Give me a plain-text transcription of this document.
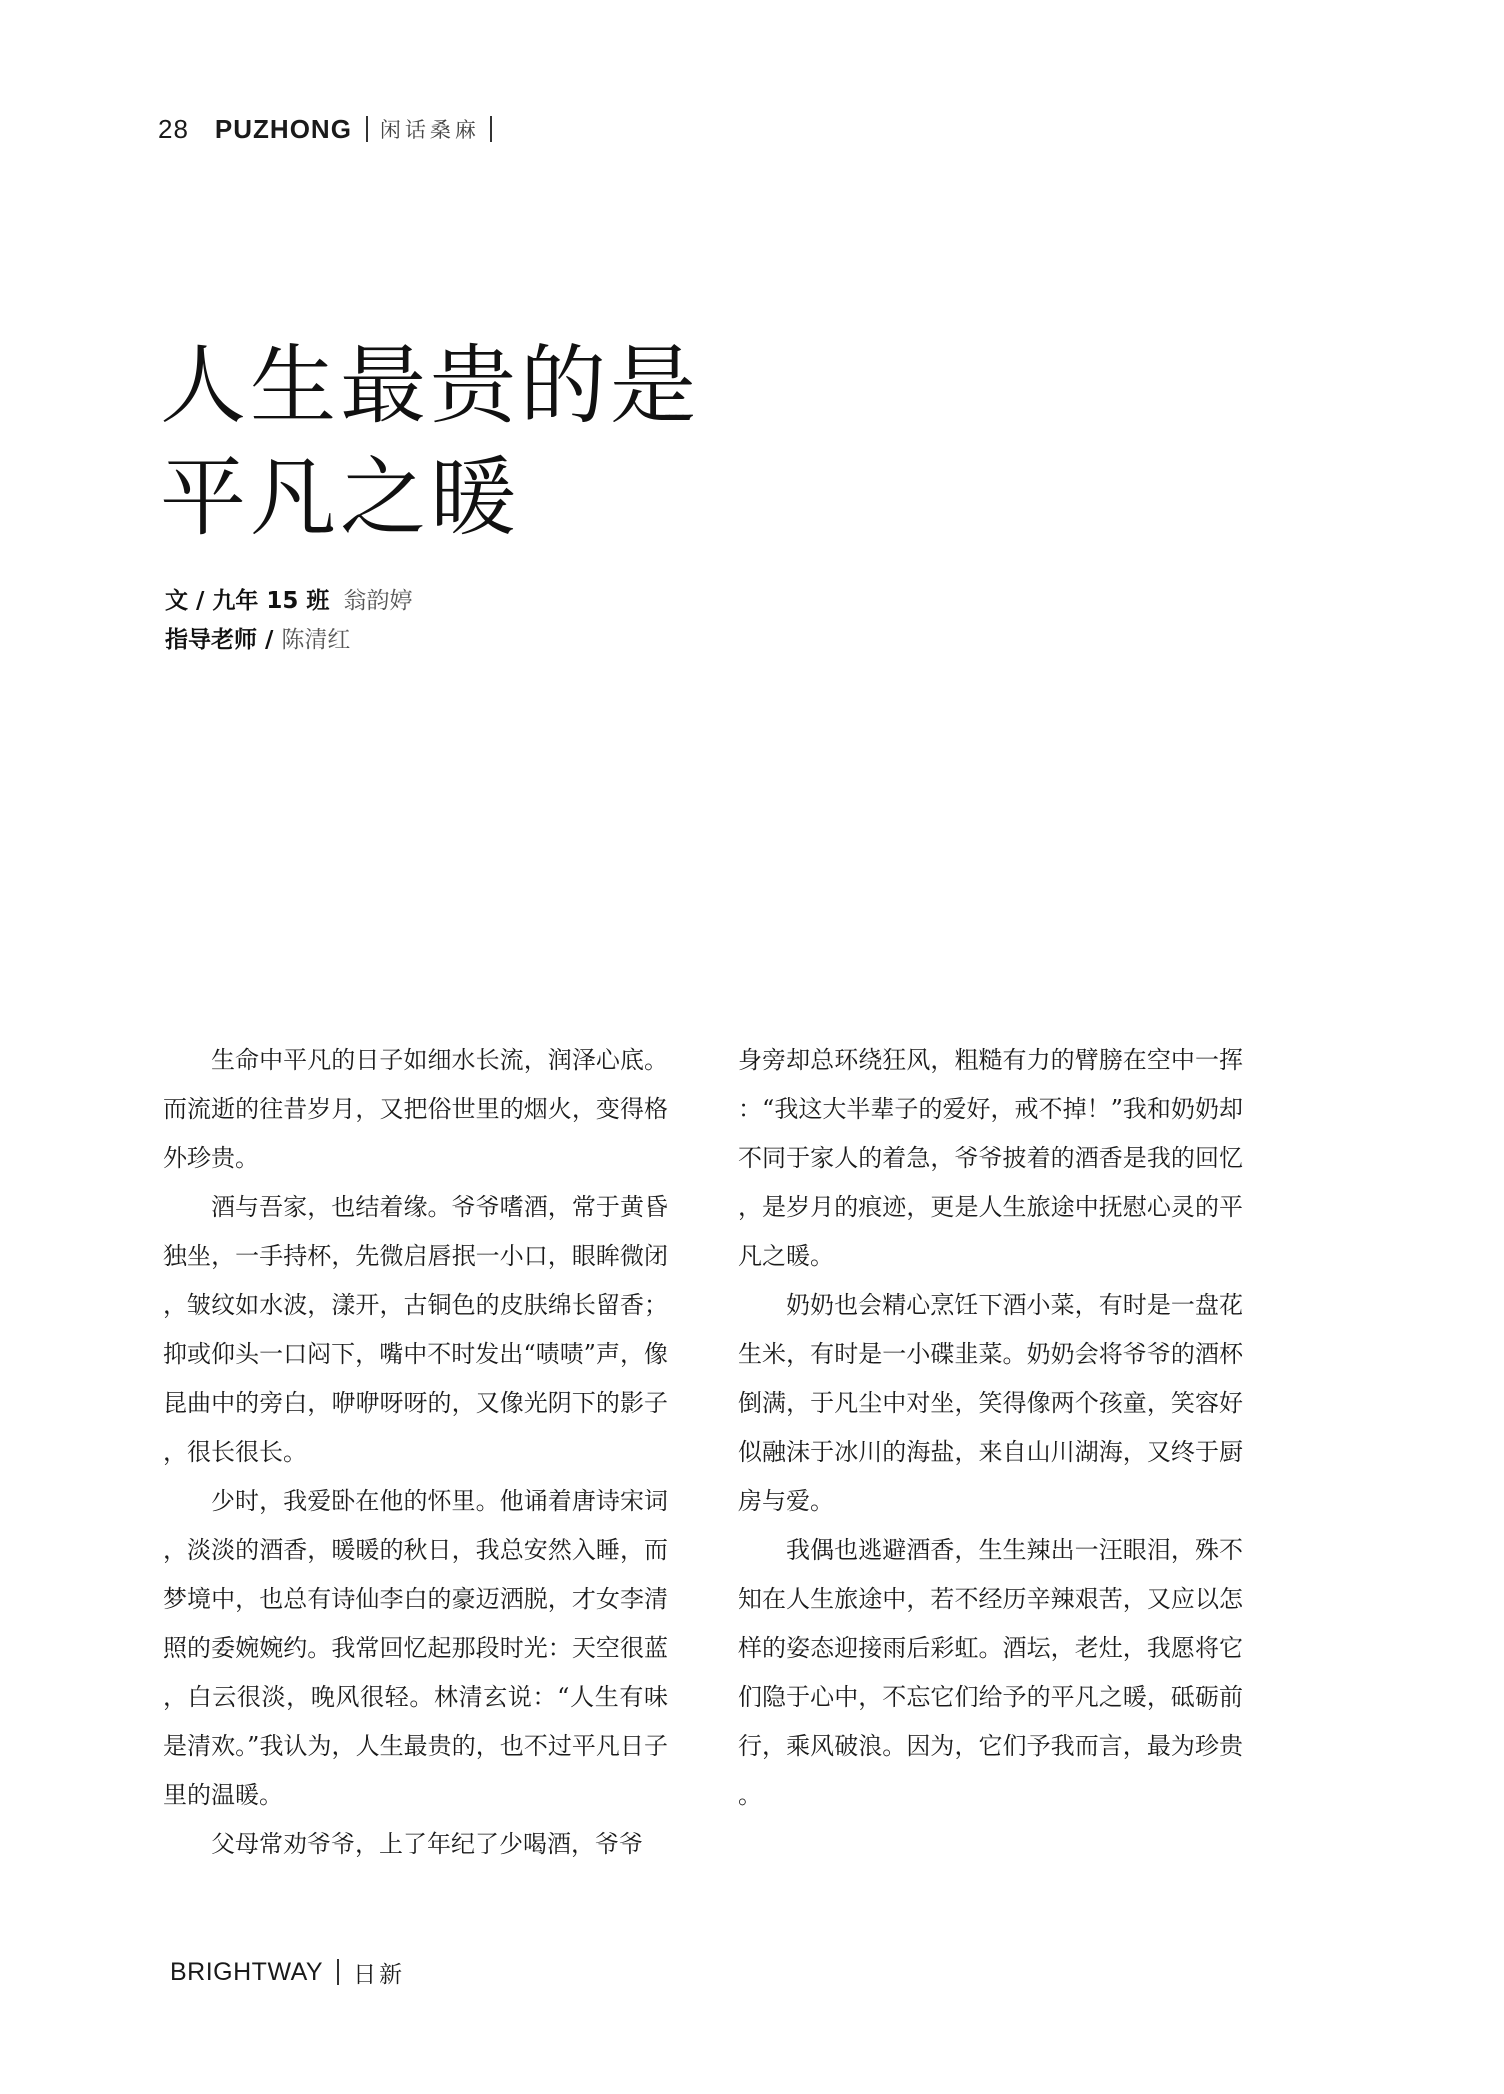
28 PUZHONG 闲话桑麻
人生最贵的是
平凡之暖
文 / 九年 15 班 翁韵婷
指导老师 / 陈清红

生命中平凡的日子如细水长流，润泽心底。而流逝的往昔岁月，又把俗世里的烟火，变得格外珍贵。

酒与吾家，也结着缘。爷爷嗜酒，常于黄昏独坐，一手持杯，先微启唇抿一小口，眼眸微闭，皱纹如水波，漾开，古铜色的皮肤绵长留香；抑或仰头一口闷下，嘴中不时发出“啧啧”声，像昆曲中的旁白，咿咿呀呀的，又像光阴下的影子，很长很长。

少时，我爱卧在他的怀里。他诵着唐诗宋词，淡淡的酒香，暖暖的秋日，我总安然入睡，而梦境中，也总有诗仙李白的豪迈洒脱，才女李清照的委婉婉约。我常回忆起那段时光：天空很蓝，白云很淡，晚风很轻。林清玄说：“人生有味是清欢。”我认为，人生最贵的，也不过平凡日子里的温暖。

父母常劝爷爷，上了年纪了少喝酒，爷爷

身旁却总环绕狂风，粗糙有力的臂膀在空中一挥：“我这大半辈子的爱好，戒不掉！”我和奶奶却不同于家人的着急，爷爷披着的酒香是我的回忆，是岁月的痕迹，更是人生旅途中抚慰心灵的平凡之暖。

奶奶也会精心烹饪下酒小菜，有时是一盘花生米，有时是一小碟韭菜。奶奶会将爷爷的酒杯倒满，于凡尘中对坐，笑得像两个孩童，笑容好似融沫于冰川的海盐，来自山川湖海，又终于厨房与爱。

我偶也逃避酒香，生生辣出一汪眼泪，殊不知在人生旅途中，若不经历辛辣艰苦，又应以怎样的姿态迎接雨后彩虹。酒坛，老灶，我愿将它们隐于心中，不忘它们给予的平凡之暖，砥砺前行，乘风破浪。因为，它们予我而言，最为珍贵。

BRIGHTWAY 日新
